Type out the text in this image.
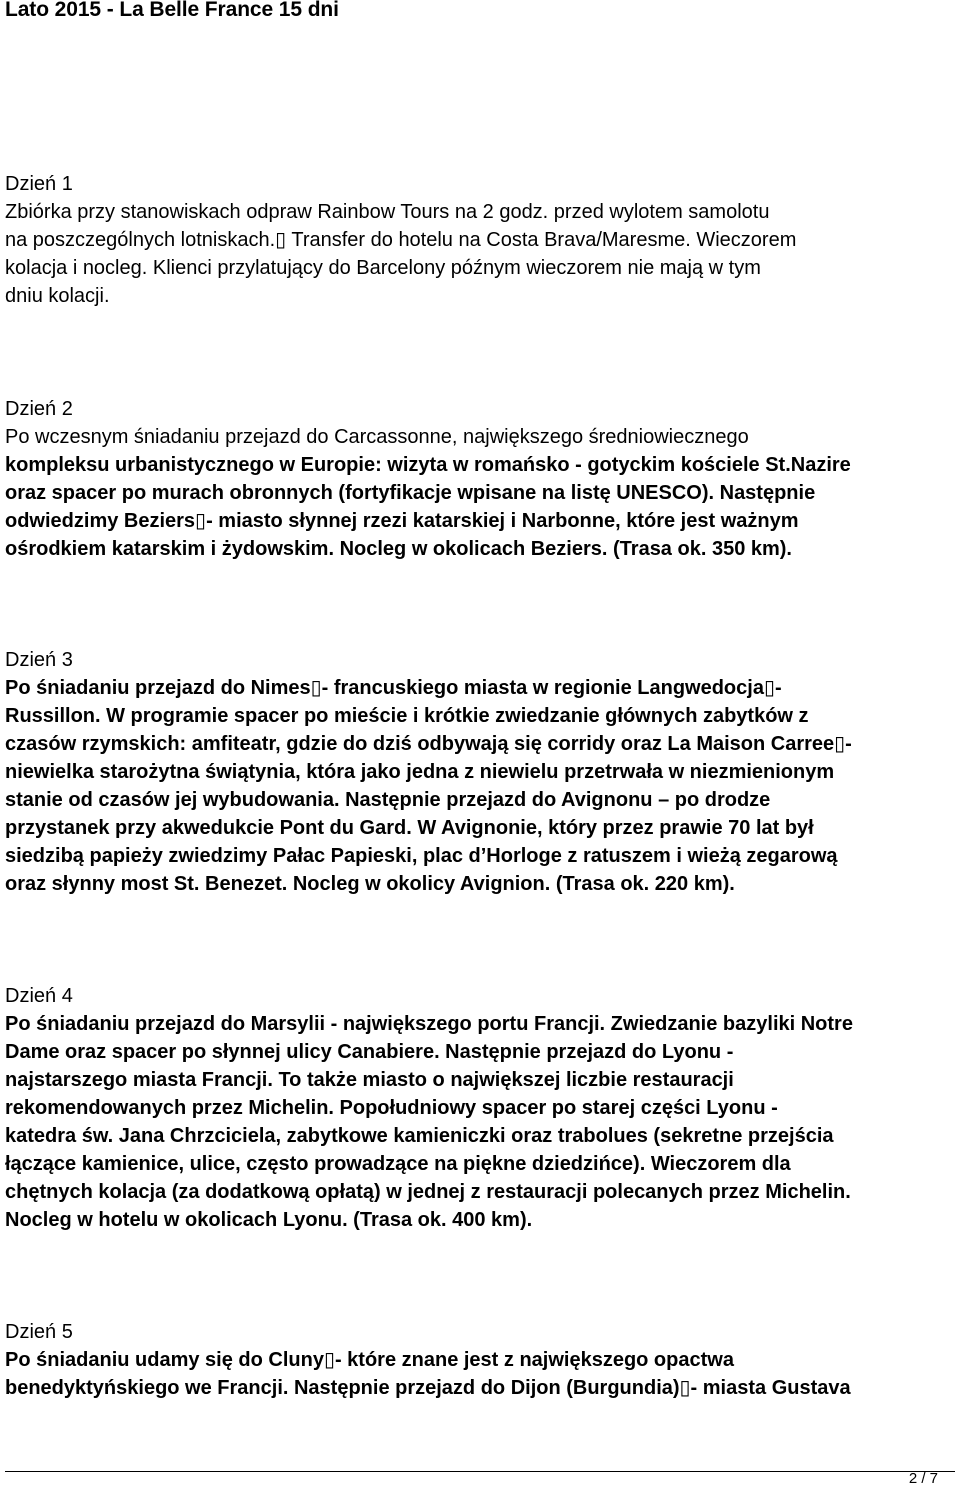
Lato 2015 - La Belle France 15 dni
Dzień 1

Zbiórka przy stanowiskach odpraw Rainbow Tours na 2 godz. przed wylotem samolotu
na poszczególnych lotniskach.▯ Transfer do hotelu na Costa Brava/Maresme. Wieczorem
kolacja i nocleg. Klienci przylatujący do Barcelony późnym wieczorem nie mają w tym
dniu kolacji.

Dzień 2

Po wczesnym śniadaniu przejazd do Carcassonne, największego średniowiecznego
kompleksu urbanistycznego w Europie: wizyta w romańsko - gotyckim kościele St.Nazire
oraz spacer po murach obronnych (fortyfikacje wpisane na listę UNESCO). Następnie
odwiedzimy Beziers▯- miasto słynnej rzezi katarskiej i Narbonne, które jest ważnym
ośrodkiem katarskim i żydowskim. Nocleg w okolicach Beziers. (Trasa ok. 350 km).

Dzień 3

Po śniadaniu przejazd do Nimes▯- francuskiego miasta w regionie Langwedocja▯-
Russillon. W programie spacer po mieście i krótkie zwiedzanie głównych zabytków z
czasów rzymskich: amfiteatr, gdzie do dziś odbywają się corridy oraz La Maison Carree▯-
niewielka starożytna świątynia, która jako jedna z niewielu przetrwała w niezmienionym
stanie od czasów jej wybudowania. Następnie przejazd do Avignonu – po drodze
przystanek przy akwedukcie Pont du Gard. W Avignonie, który przez prawie 70 lat był
siedzibą papieży zwiedzimy Pałac Papieski, plac d’Horloge z ratuszem i wieżą zegarową
oraz słynny most St. Benezet. Nocleg w okolicy Avignion. (Trasa ok. 220 km).

Dzień 4

Po śniadaniu przejazd do Marsylii - największego portu Francji. Zwiedzanie bazyliki Notre
Dame oraz spacer po słynnej ulicy Canabiere. Następnie przejazd do Lyonu -
najstarszego miasta Francji. To także miasto o największej liczbie restauracji
rekomendowanych przez Michelin. Popołudniowy spacer po starej części Lyonu -
katedra św. Jana Chrzciciela, zabytkowe kamieniczki oraz trabolues (sekretne przejścia
łączące kamienice, ulice, często prowadzące na piękne dziedzińce). Wieczorem dla
chętnych kolacja (za dodatkową opłatą) w jednej z restauracji polecanych przez Michelin.
Nocleg w hotelu w okolicach Lyonu. (Trasa ok. 400 km).

Dzień 5

Po śniadaniu udamy się do Cluny▯- które znane jest z największego opactwa
benedyktyńskiego we Francji. Następnie przejazd do Dijon (Burgundia)▯- miasta Gustava

2 / 7
